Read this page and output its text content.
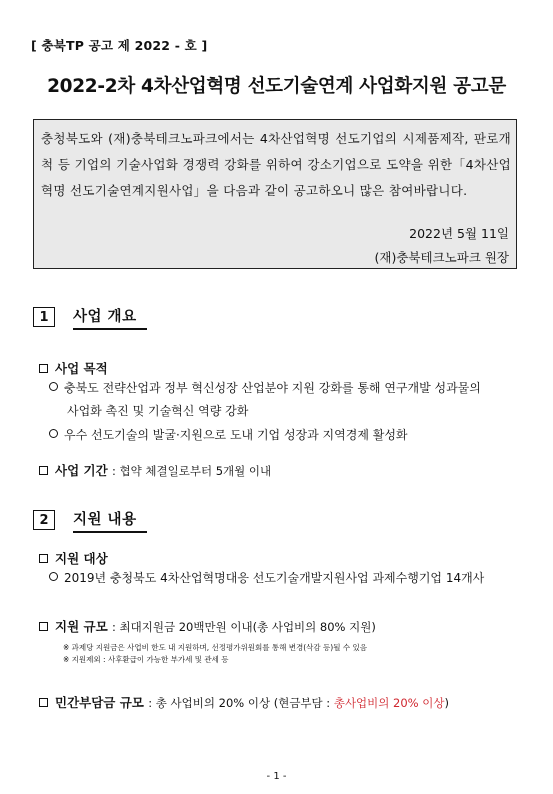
[ 충북TP 공고 제 2022 - 호 ]
2022-2차 4차산업혁명 선도기술연계 사업화지원 공고문
충청북도와 (재)충북테크노파크에서는 4차산업혁명 선도기업의 시제품제작, 판로개척 등 기업의 기술사업화 경쟁력 강화를 위하여 강소기업으로 도약을 위한「4차산업혁명 선도기술연계지원사업」을 다음과 같이 공고하오니 많은 참여바랍니다.
2022년 5월 11일
(재)충북테크노파크 원장
1	사업 개요
사업 목적
충북도 전략산업과 정부 혁신성장 산업분야 지원 강화를 통해 연구개발 성과물의
사업화 촉진 및 기술혁신 역량 강화
우수 선도기술의 발굴·지원으로 도내 기업 성장과 지역경제 활성화
사업 기간 : 협약 체결일로부터 5개월 이내
2	지원 내용
지원 대상
2019년 충청북도 4차산업혁명대응 선도기술개발지원사업 과제수행기업 14개사
지원 규모 : 최대지원금 20백만원 이내(총 사업비의 80% 지원)
※ 과제당 지원금은 사업비 한도 내 지원하며, 선정평가위원회를 통해 변경(삭감 등)될 수 있음
※ 지원제외 : 사후환급이 가능한 부가세 및 관세 등
민간부담금 규모 : 총 사업비의 20% 이상 (현금부담 : 총사업비의 20% 이상)
- 1 -
